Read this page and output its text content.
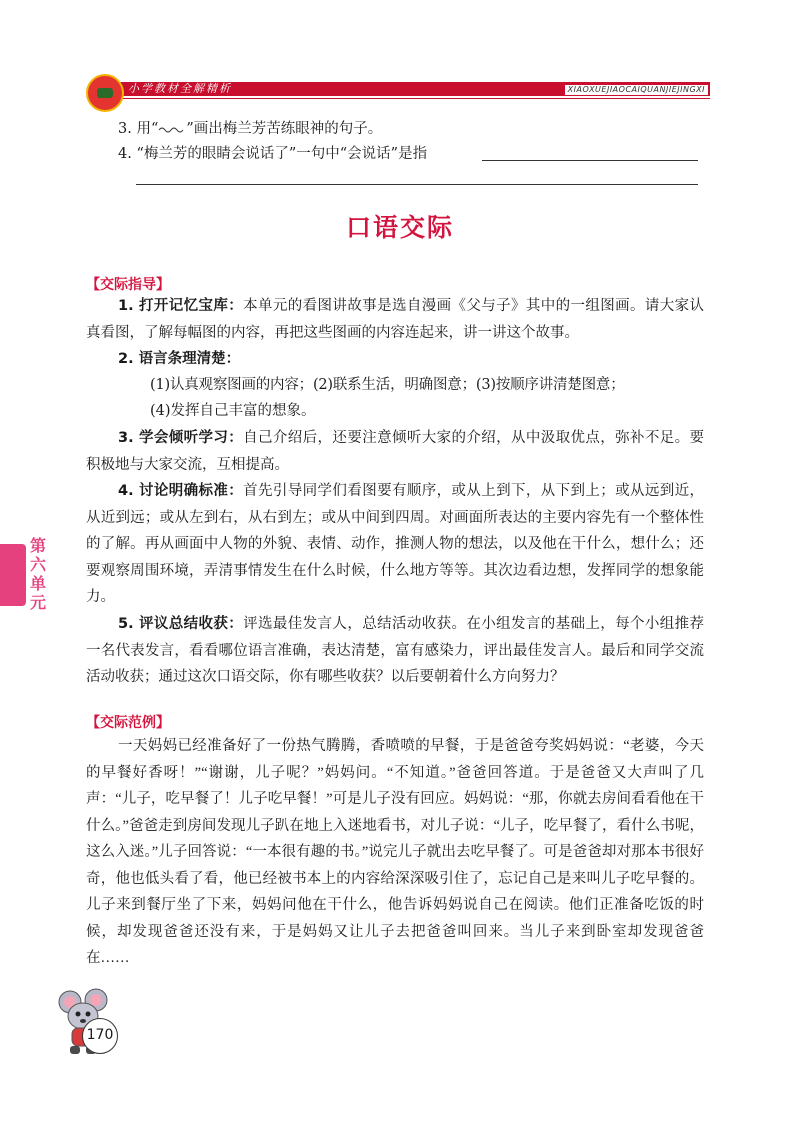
小学教材全解精析	XIAOXUEJIAOCAIQUANJIEJINGXI
3. 用“ ”画出梅兰芳苦练眼神的句子。
4. “梅兰芳的眼睛会说话了”一句中“会说话”是指
口语交际
【交际指导】
1. 打开记忆宝库：本单元的看图讲故事是选自漫画《父与子》其中的一组图画。请大家认真看图，了解每幅图的内容，再把这些图画的内容连起来，讲一讲这个故事。
2. 语言条理清楚：
(1)认真观察图画的内容；(2)联系生活，明确图意；(3)按顺序讲清楚图意；
(4)发挥自己丰富的想象。
3. 学会倾听学习：自己介绍后，还要注意倾听大家的介绍，从中汲取优点，弥补不足。要积极地与大家交流，互相提高。
4. 讨论明确标准：首先引导同学们看图要有顺序，或从上到下，从下到上；或从远到近，从近到远；或从左到右，从右到左；或从中间到四周。对画面所表达的主要内容先有一个整体性的了解。再从画面中人物的外貌、表情、动作，推测人物的想法，以及他在干什么，想什么；还要观察周围环境，弄清事情发生在什么时候，什么地方等等。其次边看边想，发挥同学的想象能力。
5. 评议总结收获：评选最佳发言人，总结活动收获。在小组发言的基础上，每个小组推荐一名代表发言，看看哪位语言准确，表达清楚，富有感染力，评出最佳发言人。最后和同学交流活动收获；通过这次口语交际，你有哪些收获？以后要朝着什么方向努力？
【交际范例】
一天妈妈已经准备好了一份热气腾腾，香喷喷的早餐，于是爸爸夸奖妈妈说：“老婆，今天的早餐好香呀！”“谢谢，儿子呢？”妈妈问。“不知道。”爸爸回答道。于是爸爸又大声叫了几声：“儿子，吃早餐了！儿子吃早餐！”可是儿子没有回应。妈妈说：“那，你就去房间看看他在干什么。”爸爸走到房间发现儿子趴在地上入迷地看书，对儿子说：“儿子，吃早餐了，看什么书呢，这么入迷。”儿子回答说：“一本很有趣的书。”说完儿子就出去吃早餐了。可是爸爸却对那本书很好奇，他也低头看了看，他已经被书本上的内容给深深吸引住了，忘记自己是来叫儿子吃早餐的。儿子来到餐厅坐了下来，妈妈问他在干什么，他告诉妈妈说自己在阅读。他们正准备吃饭的时候，却发现爸爸还没有来，于是妈妈又让儿子去把爸爸叫回来。当儿子来到卧室却发现爸爸在……
第六单元
170
